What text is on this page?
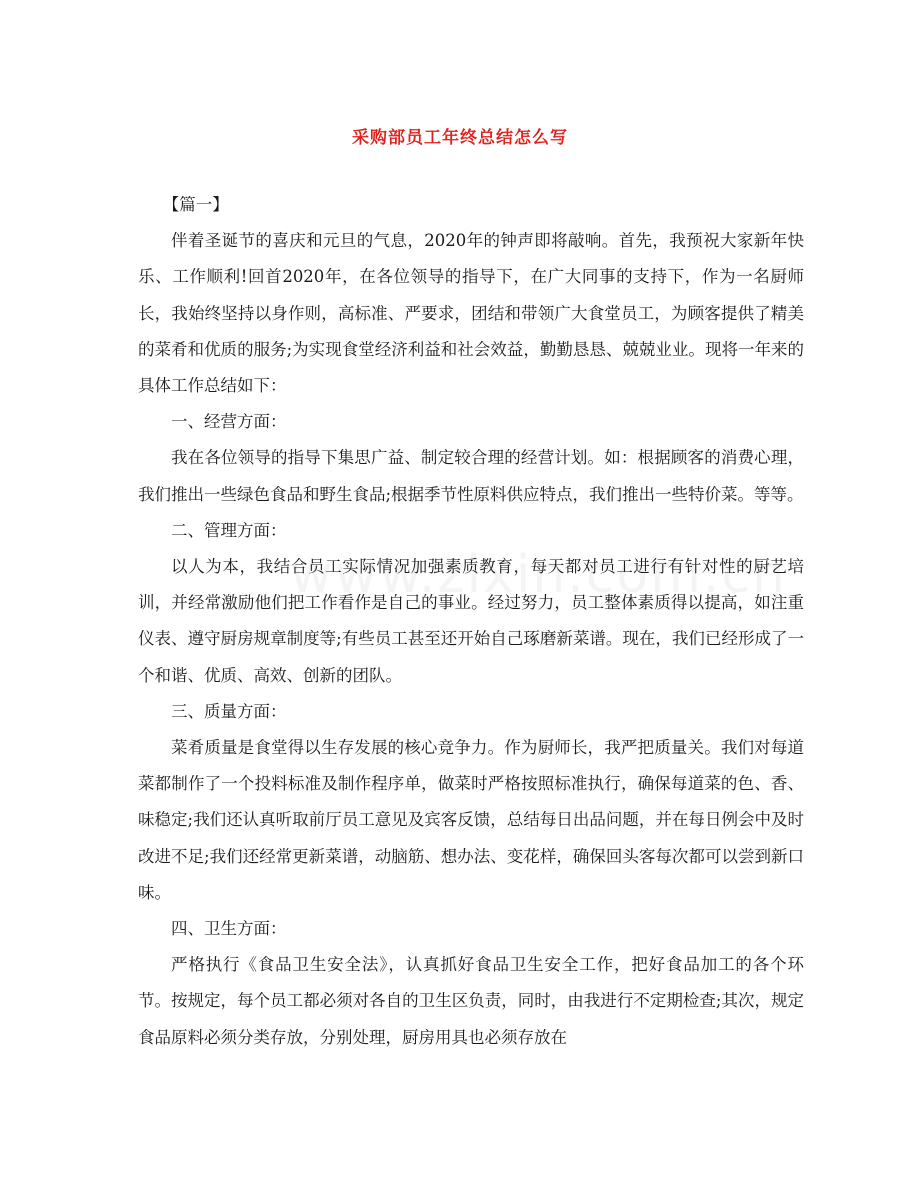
采购部员工年终总结怎么写

【篇一】

伴着圣诞节的喜庆和元旦的气息，2020年的钟声即将敲响。首先，我预祝大家新年快乐、工作顺利!回首2020年，在各位领导的指导下，在广大同事的支持下，作为一名厨师长，我始终坚持以身作则，高标准、严要求，团结和带领广大食堂员工，为顾客提供了精美的菜肴和优质的服务;为实现食堂经济利益和社会效益，勤勤恳恳、兢兢业业。现将一年来的具体工作总结如下：

一、经营方面：

我在各位领导的指导下集思广益、制定较合理的经营计划。如：根据顾客的消费心理，我们推出一些绿色食品和野生食品;根据季节性原料供应特点，我们推出一些特价菜。等等。

二、管理方面：

以人为本，我结合员工实际情况加强素质教育，每天都对员工进行有针对性的厨艺培训，并经常激励他们把工作看作是自己的事业。经过努力，员工整体素质得以提高，如注重仪表、遵守厨房规章制度等;有些员工甚至还开始自己琢磨新菜谱。现在，我们已经形成了一个和谐、优质、高效、创新的团队。

三、质量方面：

菜肴质量是食堂得以生存发展的核心竞争力。作为厨师长，我严把质量关。我们对每道菜都制作了一个投料标准及制作程序单，做菜时严格按照标准执行，确保每道菜的色、香、味稳定;我们还认真听取前厅员工意见及宾客反馈，总结每日出品问题，并在每日例会中及时改进不足;我们还经常更新菜谱，动脑筋、想办法、变花样，确保回头客每次都可以尝到新口味。

四、卫生方面：

严格执行《食品卫生安全法》，认真抓好食品卫生安全工作，把好食品加工的各个环节。按规定，每个员工都必须对各自的卫生区负责，同时，由我进行不定期检查;其次，规定食品原料必须分类存放，分别处理，厨房用具也必须存放在
